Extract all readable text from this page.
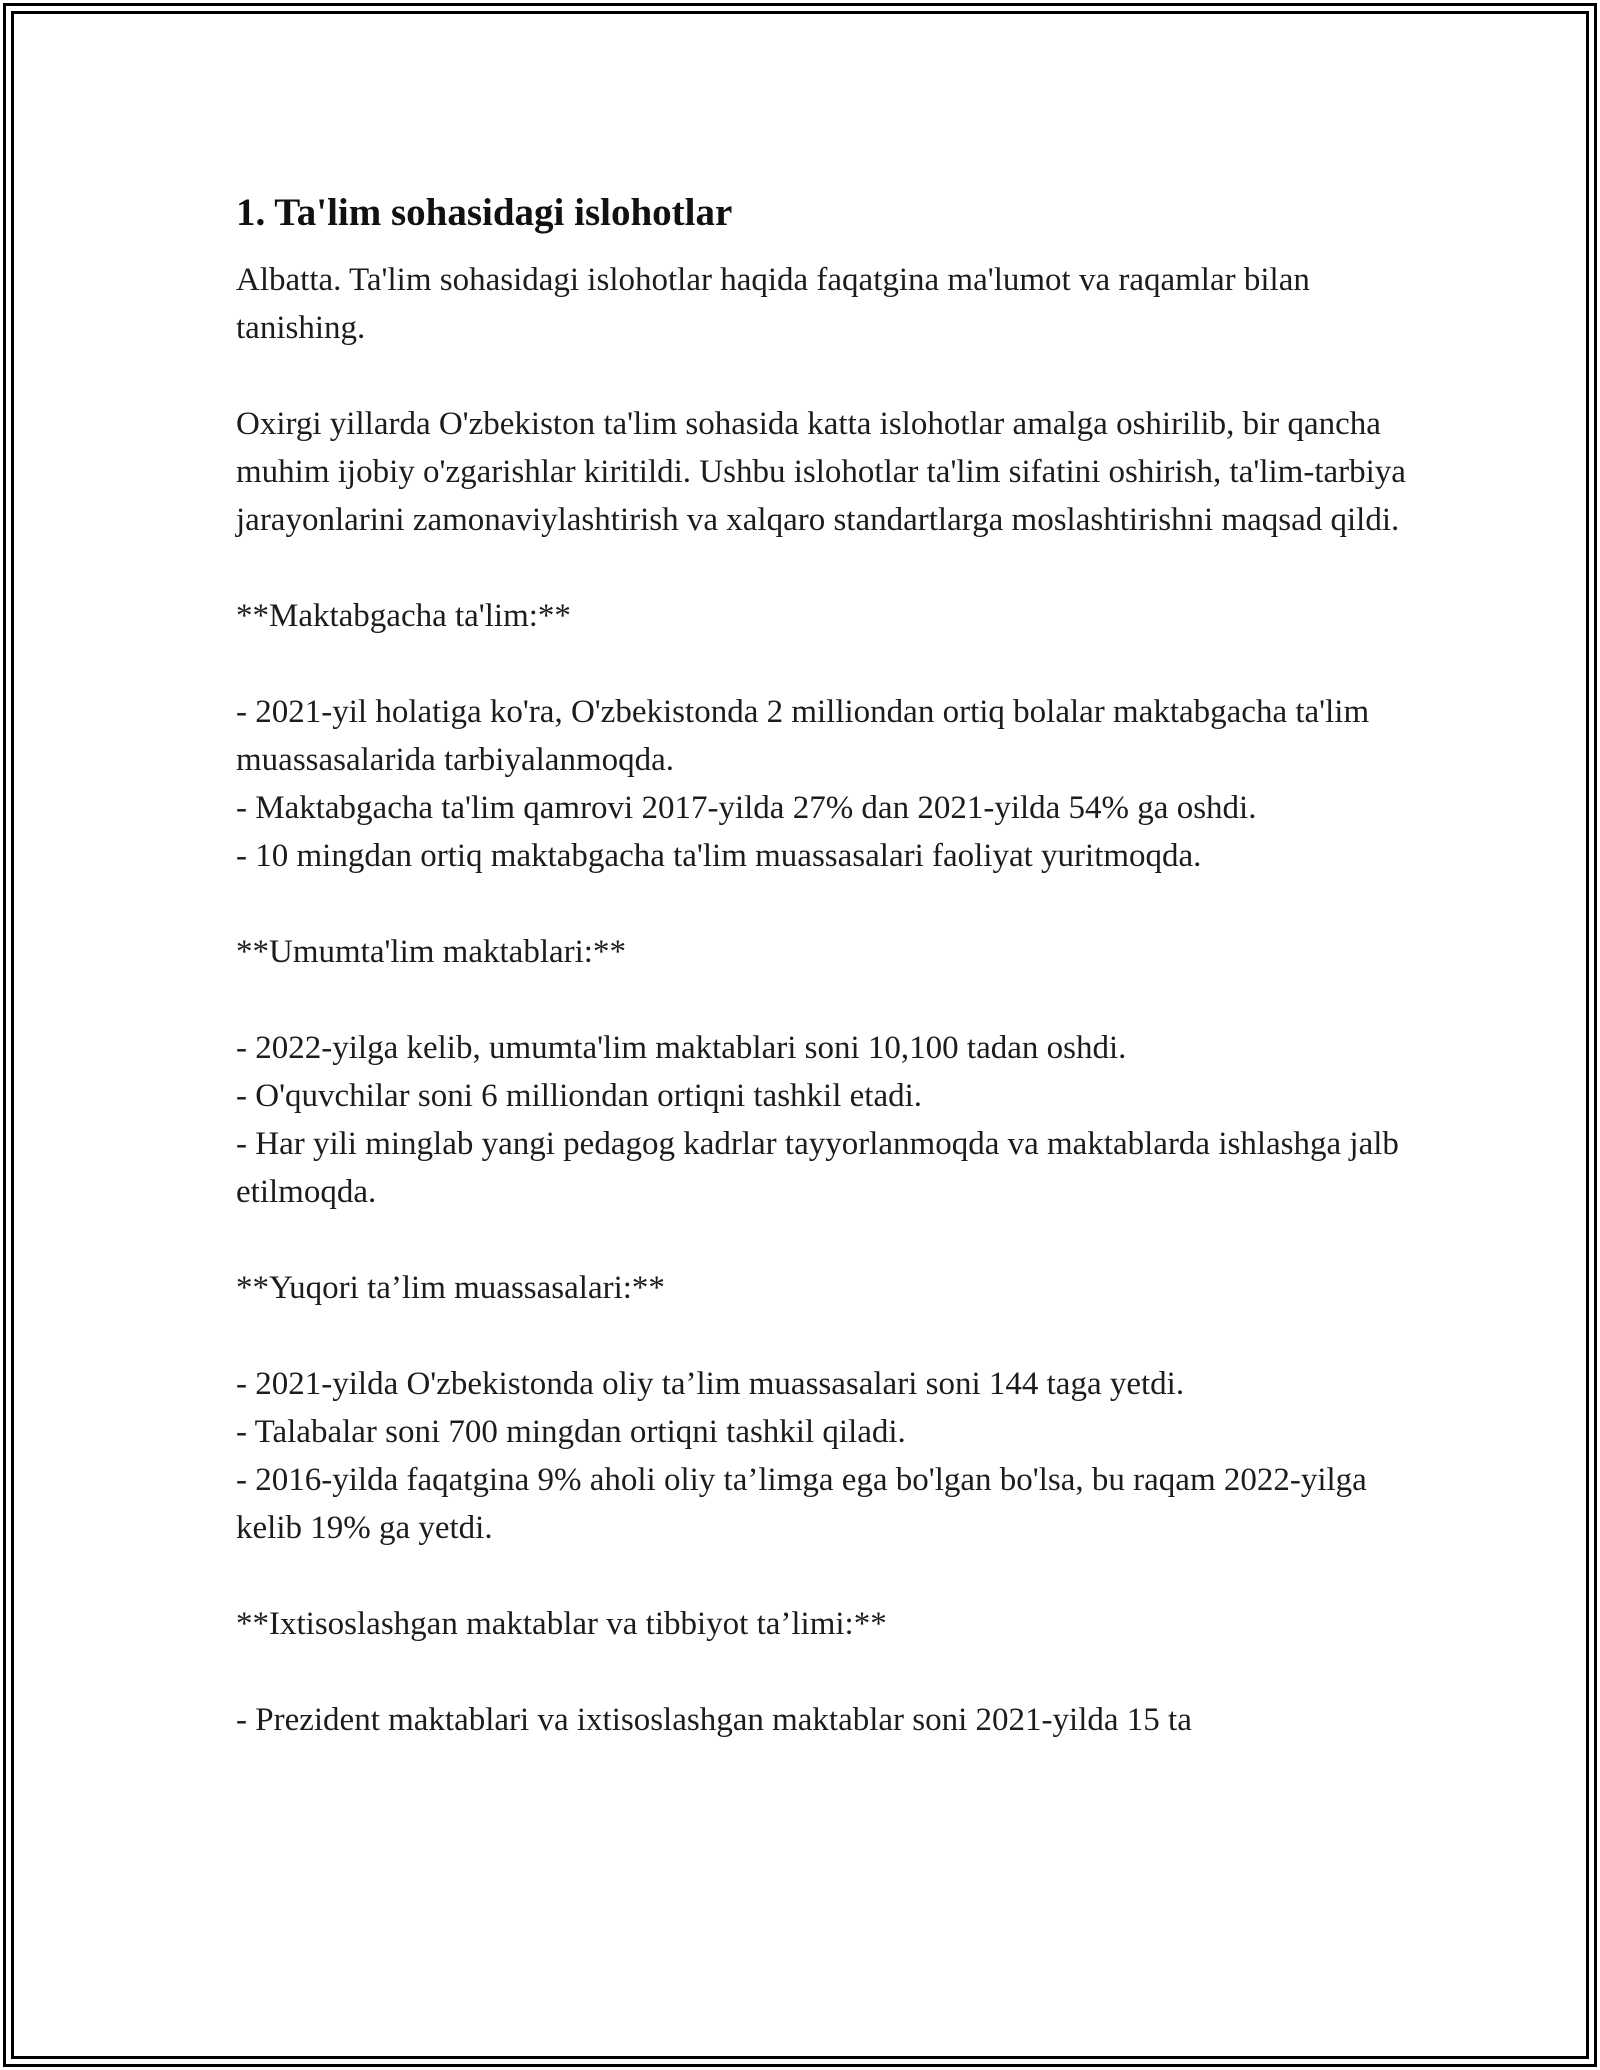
1. Ta'lim sohasidagi islohotlar

Albatta. Ta'lim sohasidagi islohotlar haqida faqatgina ma'lumot va raqamlar bilan tanishing.

Oxirgi yillarda O'zbekiston ta'lim sohasida katta islohotlar amalga oshirilib, bir qancha muhim ijobiy o'zgarishlar kiritildi. Ushbu islohotlar ta'lim sifatini oshirish, ta'lim-tarbiya jarayonlarini zamonaviylashtirish va xalqaro standartlarga moslashtirishni maqsad qildi.

**Maktabgacha ta'lim:**

- 2021-yil holatiga ko'ra, O'zbekistonda 2 milliondan ortiq bolalar maktabgacha ta'lim muassasalarida tarbiyalanmoqda.

- Maktabgacha ta'lim qamrovi 2017-yilda 27% dan 2021-yilda 54% ga oshdi.

- 10 mingdan ortiq maktabgacha ta'lim muassasalari faoliyat yuritmoqda.

**Umumta'lim maktablari:**

- 2022-yilga kelib, umumta'lim maktablari soni 10,100 tadan oshdi.

- O'quvchilar soni 6 milliondan ortiqni tashkil etadi.

- Har yili minglab yangi pedagog kadrlar tayyorlanmoqda va maktablarda ishlashga jalb etilmoqda.

**Yuqori ta’lim muassasalari:**

- 2021-yilda O'zbekistonda oliy ta’lim muassasalari soni 144 taga yetdi.

- Talabalar soni 700 mingdan ortiqni tashkil qiladi.

- 2016-yilda faqatgina 9% aholi oliy ta’limga ega bo'lgan bo'lsa, bu raqam 2022-yilga kelib 19% ga yetdi.

**Ixtisoslashgan maktablar va tibbiyot ta’limi:**

- Prezident maktablari va ixtisoslashgan maktablar soni 2021-yilda 15 ta
